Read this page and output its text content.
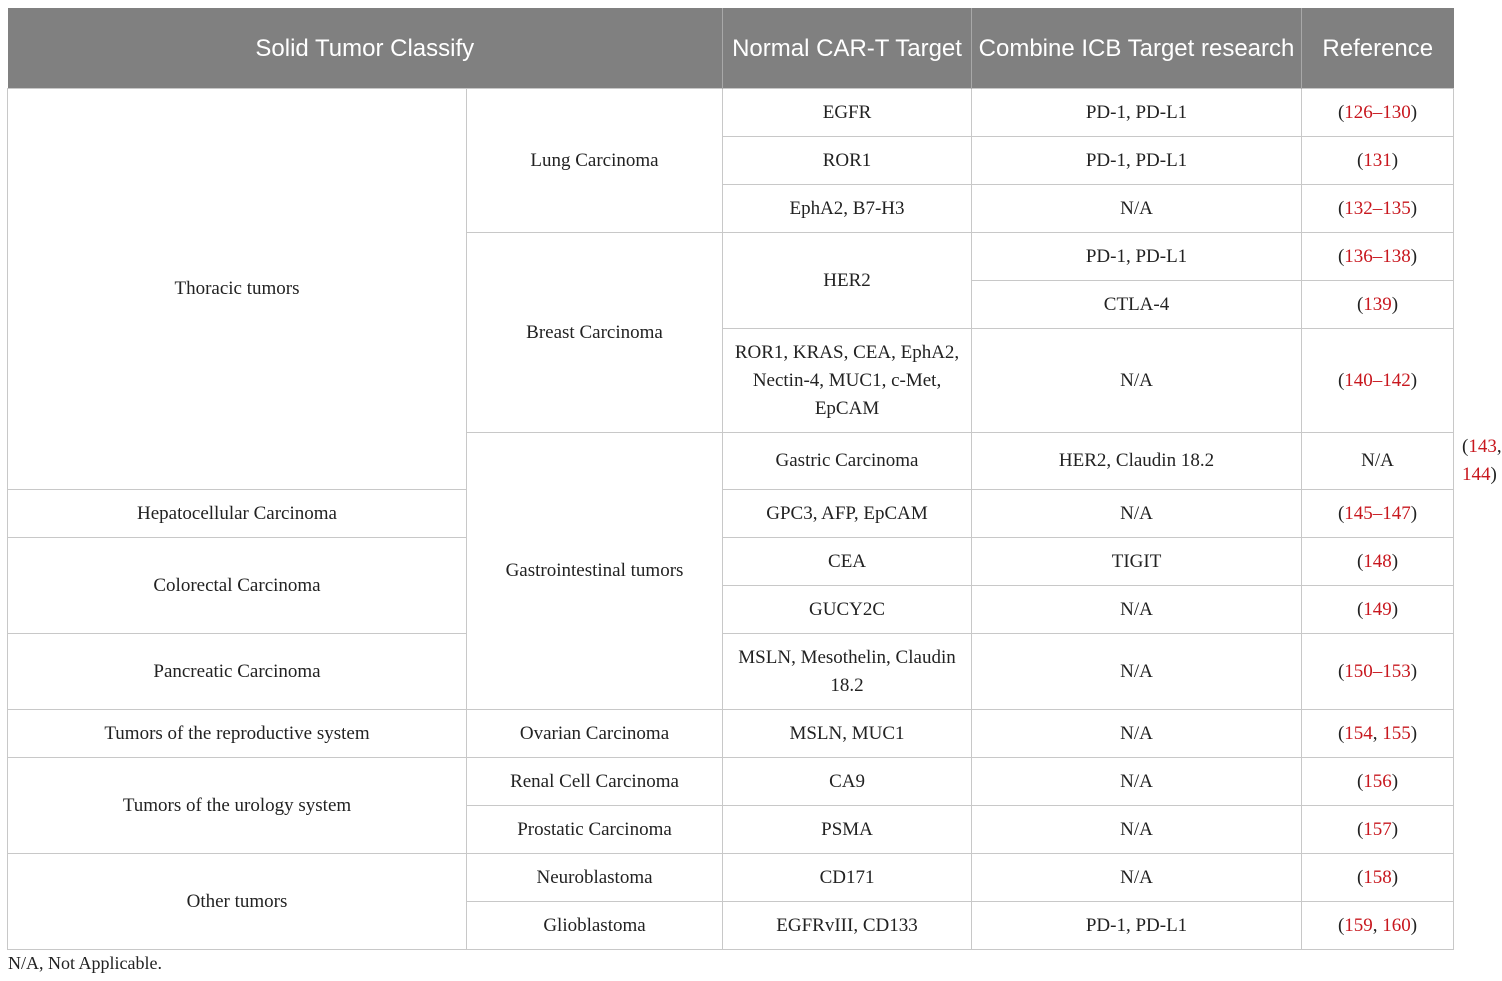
Solid Tumor Classify		Normal CAR-T Target	Combine ICB Target research	Reference	
Thoracic tumors	Lung Carcinoma	EGFR	PD-1, PD-L1	(126–130)	
		ROR1	PD-1, PD-L1	(131)	
		EphA2, B7-H3	N/A	(132–135)	
	Breast Carcinoma	HER2	PD-1, PD-L1	(136–138)	
			CTLA-4	(139)	
		ROR1, KRAS, CEA, EphA2, Nectin-4, MUC1, c-Met, EpCAM	N/A	(140–142)	
	Gastrointestinal tumors	Gastric Carcinoma	HER2, Claudin 18.2	N/A	(143, 144)
Hepatocellular Carcinoma		GPC3, AFP, EpCAM	N/A	(145–147)	
Colorectal Carcinoma		CEA	TIGIT	(148)	
		GUCY2C	N/A	(149)	
Pancreatic Carcinoma		MSLN, Mesothelin, Claudin 18.2	N/A	(150–153)	
Tumors of the reproductive system	Ovarian Carcinoma	MSLN, MUC1	N/A	(154, 155)	
Tumors of the urology system	Renal Cell Carcinoma	CA9	N/A	(156)	
	Prostatic Carcinoma	PSMA	N/A	(157)	
Other tumors	Neuroblastoma	CD171	N/A	(158)	
	Glioblastoma	EGFRvIII, CD133	PD-1, PD-L1	(159, 160)	
N/A, Not Applicable.
